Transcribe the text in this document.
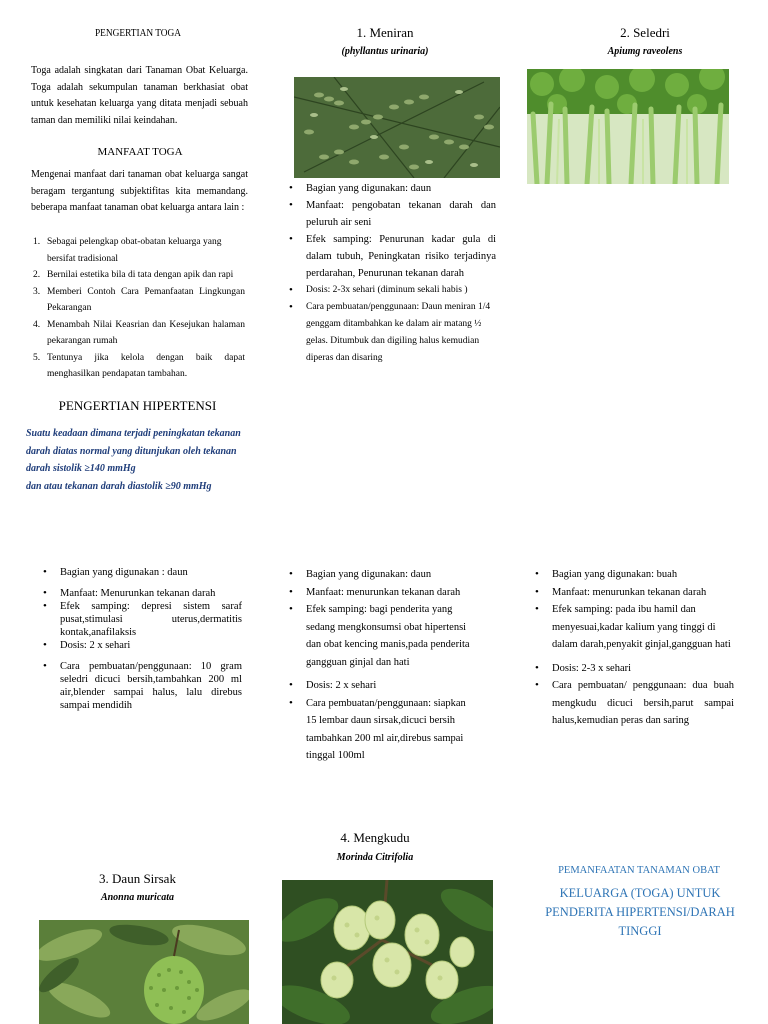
PENGERTIAN TOGA
Toga adalah singkatan dari Tanaman Obat Keluarga. Toga adalah sekumpulan tanaman berkhasiat obat untuk kesehatan keluarga yang ditata menjadi sebuah taman dan memiliki nilai keindahan.
MANFAAT TOGA
Mengenai manfaat dari tanaman obat keluarga sangat beragam tergantung subjektifitas kita memandang. beberapa manfaat tanaman obat keluarga antara lain :
1. Sebagai pelengkap obat-obatan keluarga yang bersifat tradisional
2. Bernilai estetika bila di tata dengan apik dan rapi
3. Memberi Contoh Cara Pemanfaatan Lingkungan Pekarangan
4. Menambah Nilai Keasrian dan Kesejukan halaman pekarangan rumah
5. Tentunya jika kelola dengan baik dapat menghasilkan pendapatan tambahan.
PENGERTIAN HIPERTENSI
Suatu keadaan dimana terjadi peningkatan tekanan
darah diatas normal yang ditunjukan oleh tekanan
darah sistolik ≥140 mmHg
dan atau tekanan darah diastolik ≥90 mmHg
1. Meniran
(phyllantus urinaria)
• Bagian yang digunakan: daun
• Manfaat: pengobatan tekanan darah dan peluruh air seni
• Efek samping: Penurunan kadar gula di dalam tubuh, Peningkatan risiko terjadinya perdarahan, Penurunan tekanan darah
• Dosis: 2-3x sehari (diminum sekali habis )
• Cara pembuatan/penggunaan: Daun meniran 1/4 genggam ditambahkan ke dalam air matang ½ gelas. Ditumbuk dan digiling halus kemudian diperas dan disaring
2. Seledri
Apiumg raveolens
• Bagian yang digunakan : daun
• Manfaat: Menurunkan tekanan darah
• Efek samping: depresi sistem saraf pusat,stimulasi uterus,dermatitis kontak,anafilaksis
• Dosis: 2 x sehari
• Cara pembuatan/penggunaan: 10 gram seledri dicuci bersih,tambahkan 200 ml air,blender sampai halus, lalu direbus sampai mendidih
• Bagian yang digunakan: daun
• Manfaat: menurunkan tekanan darah
• Efek samping: bagi penderita yang sedang mengkonsumsi obat hipertensi dan obat kencing manis,pada penderita gangguan ginjal dan hati
• Dosis: 2 x sehari
• Cara pembuatan/penggunaan: siapkan 15 lembar daun sirsak,dicuci bersih tambahkan 200 ml air,direbus sampai tinggal 100ml
• Bagian yang digunakan: buah
• Manfaat: menurunkan tekanan darah
• Efek samping: pada ibu hamil dan menyesuai,kadar kalium yang tinggi di dalam darah,penyakit ginjal,gangguan hati
• Dosis: 2-3 x sehari
• Cara pembuatan/ penggunaan: dua buah mengkudu dicuci bersih,parut sampai halus,kemudian peras dan saring
3. Daun Sirsak
Anonna muricata
4. Mengkudu
Morinda Citrifolia
PEMANFAATAN TANAMAN OBAT
KELUARGA (TOGA) UNTUK PENDERITA HIPERTENSI/DARAH TINGGI
